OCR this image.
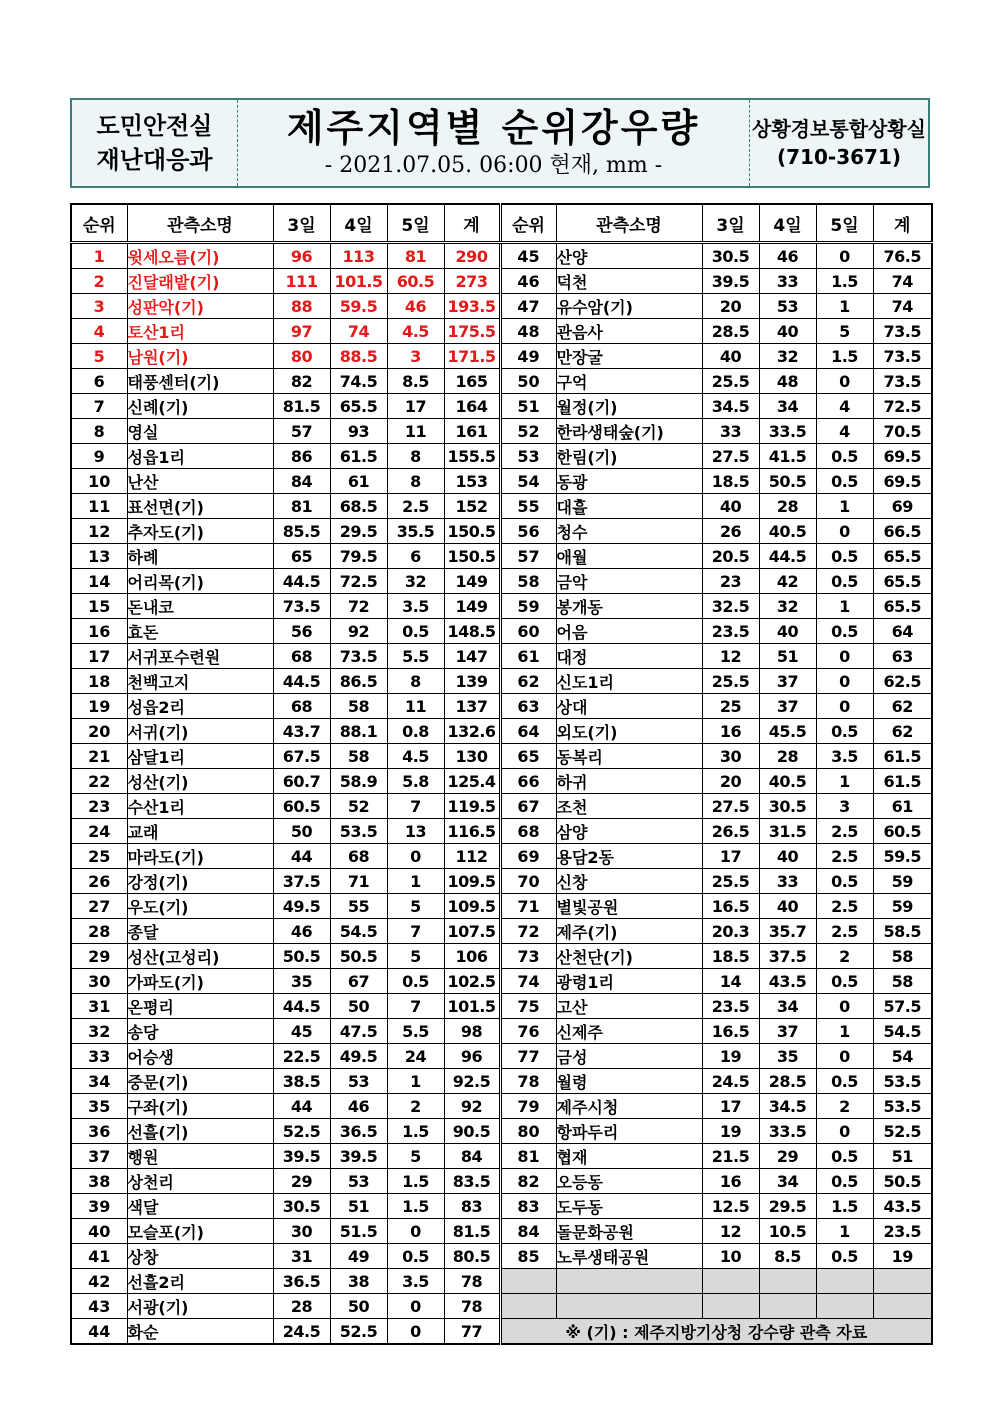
도민안전실
재난대응과
제주지역별 순위강우량
- 2021.07.05. 06:00 현재, mm -
상황경보통합상황실
(710-3671)
순위	관측소명	3일	4일	5일	계	순위	관측소명	3일	4일	5일	계
1	윗세오름(기)	96	113	81	290	45	산양	30.5	46	0	76.5
2	진달래밭(기)	111	101.5	60.5	273	46	덕천	39.5	33	1.5	74
3	성판악(기)	88	59.5	46	193.5	47	유수암(기)	20	53	1	74
4	토산1리	97	74	4.5	175.5	48	관음사	28.5	40	5	73.5
5	남원(기)	80	88.5	3	171.5	49	만장굴	40	32	1.5	73.5
6	태풍센터(기)	82	74.5	8.5	165	50	구억	25.5	48	0	73.5
7	신례(기)	81.5	65.5	17	164	51	월정(기)	34.5	34	4	72.5
8	영실	57	93	11	161	52	한라생태숲(기)	33	33.5	4	70.5
9	성읍1리	86	61.5	8	155.5	53	한림(기)	27.5	41.5	0.5	69.5
10	난산	84	61	8	153	54	동광	18.5	50.5	0.5	69.5
11	표선면(기)	81	68.5	2.5	152	55	대흘	40	28	1	69
12	추자도(기)	85.5	29.5	35.5	150.5	56	청수	26	40.5	0	66.5
13	하례	65	79.5	6	150.5	57	애월	20.5	44.5	0.5	65.5
14	어리목(기)	44.5	72.5	32	149	58	금악	23	42	0.5	65.5
15	돈내코	73.5	72	3.5	149	59	봉개동	32.5	32	1	65.5
16	효돈	56	92	0.5	148.5	60	어음	23.5	40	0.5	64
17	서귀포수련원	68	73.5	5.5	147	61	대정	12	51	0	63
18	천백고지	44.5	86.5	8	139	62	신도1리	25.5	37	0	62.5
19	성읍2리	68	58	11	137	63	상대	25	37	0	62
20	서귀(기)	43.7	88.1	0.8	132.6	64	외도(기)	16	45.5	0.5	62
21	삼달1리	67.5	58	4.5	130	65	동복리	30	28	3.5	61.5
22	성산(기)	60.7	58.9	5.8	125.4	66	하귀	20	40.5	1	61.5
23	수산1리	60.5	52	7	119.5	67	조천	27.5	30.5	3	61
24	교래	50	53.5	13	116.5	68	삼양	26.5	31.5	2.5	60.5
25	마라도(기)	44	68	0	112	69	용담2동	17	40	2.5	59.5
26	강정(기)	37.5	71	1	109.5	70	신창	25.5	33	0.5	59
27	우도(기)	49.5	55	5	109.5	71	별빛공원	16.5	40	2.5	59
28	종달	46	54.5	7	107.5	72	제주(기)	20.3	35.7	2.5	58.5
29	성산(고성리)	50.5	50.5	5	106	73	산천단(기)	18.5	37.5	2	58
30	가파도(기)	35	67	0.5	102.5	74	광령1리	14	43.5	0.5	58
31	온평리	44.5	50	7	101.5	75	고산	23.5	34	0	57.5
32	송당	45	47.5	5.5	98	76	신제주	16.5	37	1	54.5
33	어승생	22.5	49.5	24	96	77	금성	19	35	0	54
34	중문(기)	38.5	53	1	92.5	78	월령	24.5	28.5	0.5	53.5
35	구좌(기)	44	46	2	92	79	제주시청	17	34.5	2	53.5
36	선흘(기)	52.5	36.5	1.5	90.5	80	항파두리	19	33.5	0	52.5
37	행원	39.5	39.5	5	84	81	협재	21.5	29	0.5	51
38	상천리	29	53	1.5	83.5	82	오등동	16	34	0.5	50.5
39	색달	30.5	51	1.5	83	83	도두동	12.5	29.5	1.5	43.5
40	모슬포(기)	30	51.5	0	81.5	84	돌문화공원	12	10.5	1	23.5
41	상창	31	49	0.5	80.5	85	노루생태공원	10	8.5	0.5	19
42	선흘2리	36.5	38	3.5	78						
43	서광(기)	28	50	0	78						
44	화순	24.5	52.5	0	77	※ (기) : 제주지방기상청 강수량 관측 자료					
